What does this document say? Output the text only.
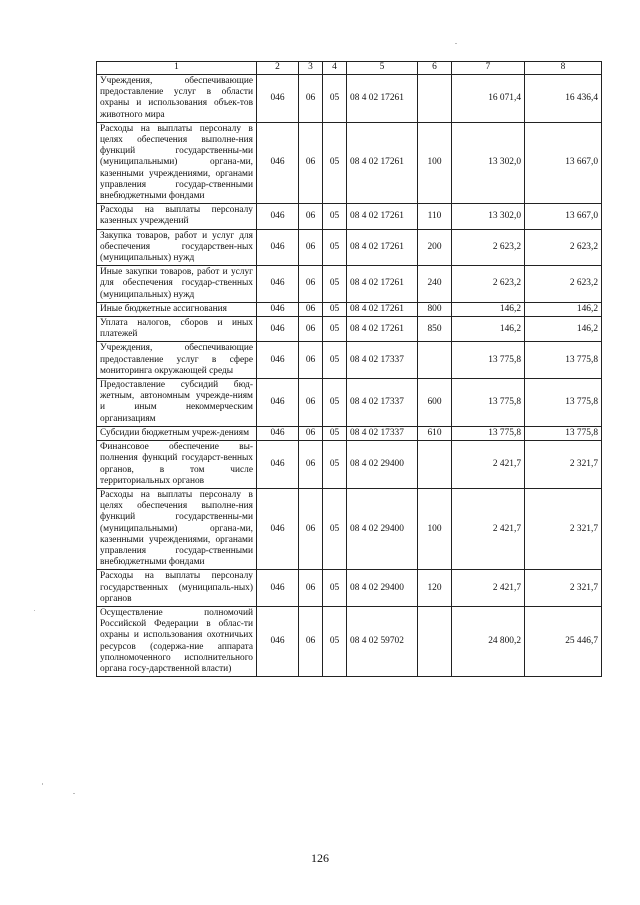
1	2	3	4	5	6	7	8
Учреждения, обеспечивающие предоставление услуг в области охраны и использования объек-тов животного мира	046	06	05	08 4 02 17261		16 071,4	16 436,4
Расходы на выплаты персоналу в целях обеспечения выполне-ния функций государственны-ми (муниципальными) органа-ми, казенными учреждениями, органами управления государ-ственными внебюджетными фондами	046	06	05	08 4 02 17261	100	13 302,0	13 667,0
Расходы на выплаты персоналу казенных учреждений	046	06	05	08 4 02 17261	110	13 302,0	13 667,0
Закупка товаров, работ и услуг для обеспечения государствен-ных (муниципальных) нужд	046	06	05	08 4 02 17261	200	2 623,2	2 623,2
Иные закупки товаров, работ и услуг для обеспечения государ-ственных (муниципальных) нужд	046	06	05	08 4 02 17261	240	2 623,2	2 623,2
Иные бюджетные ассигнования	046	06	05	08 4 02 17261	800	146,2	146,2
Уплата налогов, сборов и иных платежей	046	06	05	08 4 02 17261	850	146,2	146,2
Учреждения, обеспечивающие предоставление услуг в сфере мониторинга окружающей среды	046	06	05	08 4 02 17337		13 775,8	13 775,8
Предоставление субсидий бюд-жетным, автономным учрежде-ниям и иным некоммерческим организациям	046	06	05	08 4 02 17337	600	13 775,8	13 775,8
Субсидии бюджетным учреж-дениям	046	06	05	08 4 02 17337	610	13 775,8	13 775,8
Финансовое обеспечение вы-полнения функций государст-венных органов, в том числе территориальных органов	046	06	05	08 4 02 29400		2 421,7	2 321,7
Расходы на выплаты персоналу в целях обеспечения выполне-ния функций государственны-ми (муниципальными) органа-ми, казенными учреждениями, органами управления государ-ственными внебюджетными фондами	046	06	05	08 4 02 29400	100	2 421,7	2 321,7
Расходы на выплаты персоналу государственных (муниципаль-ных) органов	046	06	05	08 4 02 29400	120	2 421,7	2 321,7
Осуществление полномочий Российской Федерации в облас-ти охраны и использования охотничьих ресурсов (содержа-ние аппарата уполномоченного исполнительного органа госу-дарственной власти)	046	06	05	08 4 02 59702		24 800,2	25 446,7
126
